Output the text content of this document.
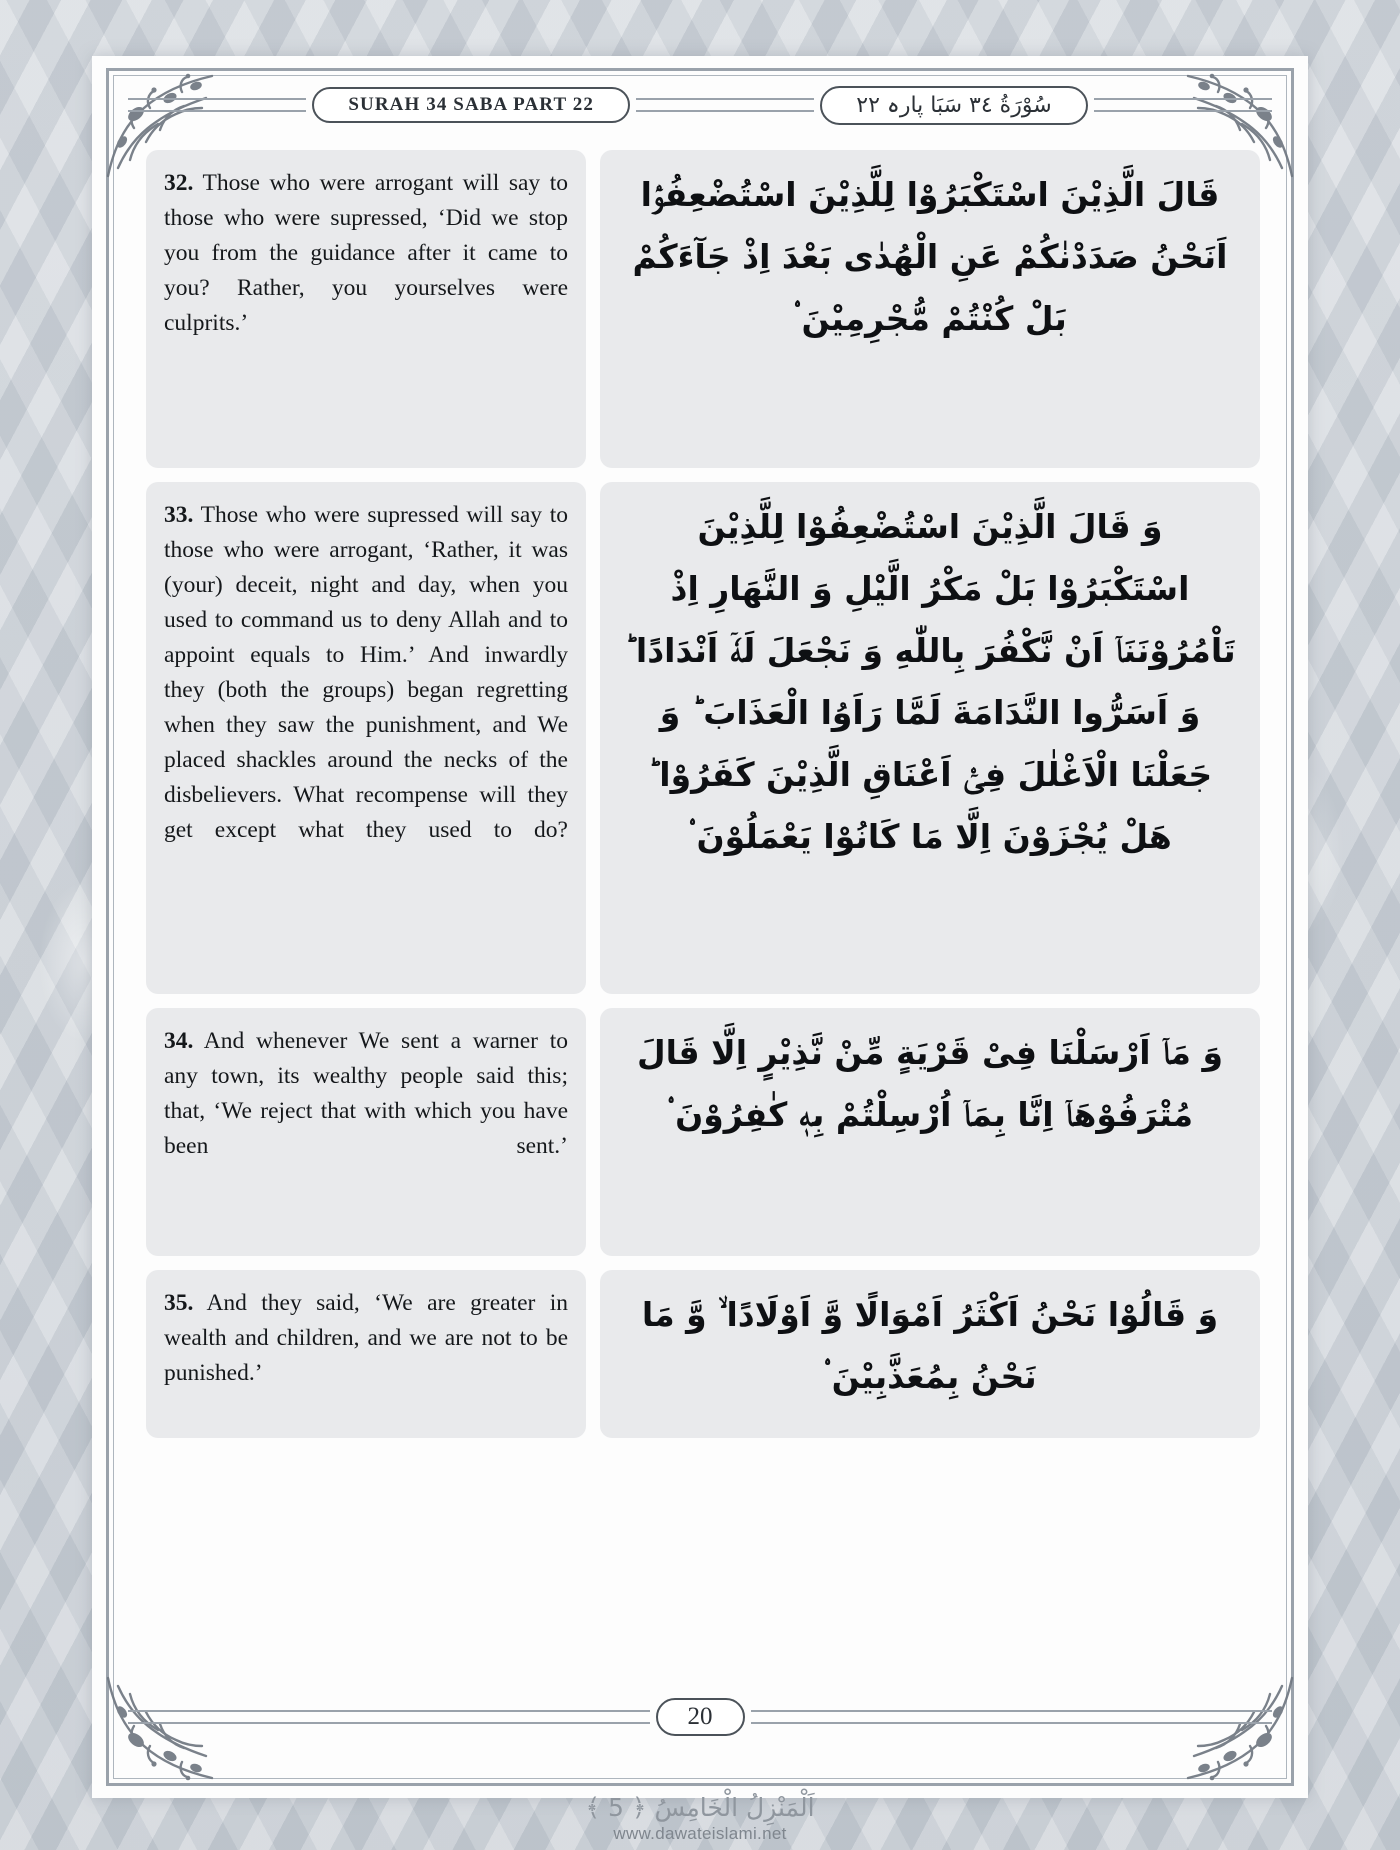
SURAH 34 SABA PART 22	سُوْرَةُ ٣٤ سَبَا پارہ ٢٢
32. Those who were arrogant will say to those who were supressed, ‘Did we stop you from the guidance after it came to you? Rather, you yourselves were culprits.’
33. Those who were supressed will say to those who were arrogant, ‘Rather, it was (your) deceit, night and day, when you used to command us to deny Allah and to appoint equals to Him.’ And inwardly they (both the groups) began regretting when they saw the punishment, and We placed shackles around the necks of the disbelievers. What recompense will they get except what they used to do?
34. And whenever We sent a warner to any town, its wealthy people said this; that, ‘We reject that with which you have been sent.’
35. And they said, ‘We are greater in wealth and children, and we are not to be punished.’
قَالَ الَّذِيْنَ اسْتَكْبَرُوْا لِلَّذِيْنَ اسْتُضْعِفُوْۤا اَنَحْنُ صَدَدْنٰكُمْ عَنِ الْهُدٰى بَعْدَ اِذْ جَآءَكُمْ بَلْ كُنْتُمْ مُّجْرِمِيْنَ ۟
وَ قَالَ الَّذِيْنَ اسْتُضْعِفُوْا لِلَّذِيْنَ اسْتَكْبَرُوْا بَلْ مَكْرُ الَّيْلِ وَ النَّهَارِ اِذْ تَاْمُرُوْنَنَاۤ اَنْ نَّكْفُرَ بِاللّٰهِ وَ نَجْعَلَ لَهٗۤ اَنْدَادًا ؕ وَ اَسَرُّوا النَّدَامَةَ لَمَّا رَاَوُا الْعَذَابَ ؕ وَ جَعَلْنَا الْاَغْلٰلَ فِیْۤ اَعْنَاقِ الَّذِيْنَ كَفَرُوْا ؕ هَلْ يُجْزَوْنَ اِلَّا مَا كَانُوْا يَعْمَلُوْنَ ۟
وَ مَاۤ اَرْسَلْنَا فِیْ قَرْيَةٍ مِّنْ نَّذِيْرٍ اِلَّا قَالَ مُتْرَفُوْهَاۤ اِنَّا بِمَاۤ اُرْسِلْتُمْ بِهٖ كٰفِرُوْنَ ۟
وَ قَالُوْا نَحْنُ اَكْثَرُ اَمْوَالًا وَّ اَوْلَادًا ۙ وَّ مَا نَحْنُ بِمُعَذَّبِيْنَ ۟
20
اَلْمَنْزِلُ الْخَامِسُ ﴿ 5 ﴾
www.dawateislami.net
